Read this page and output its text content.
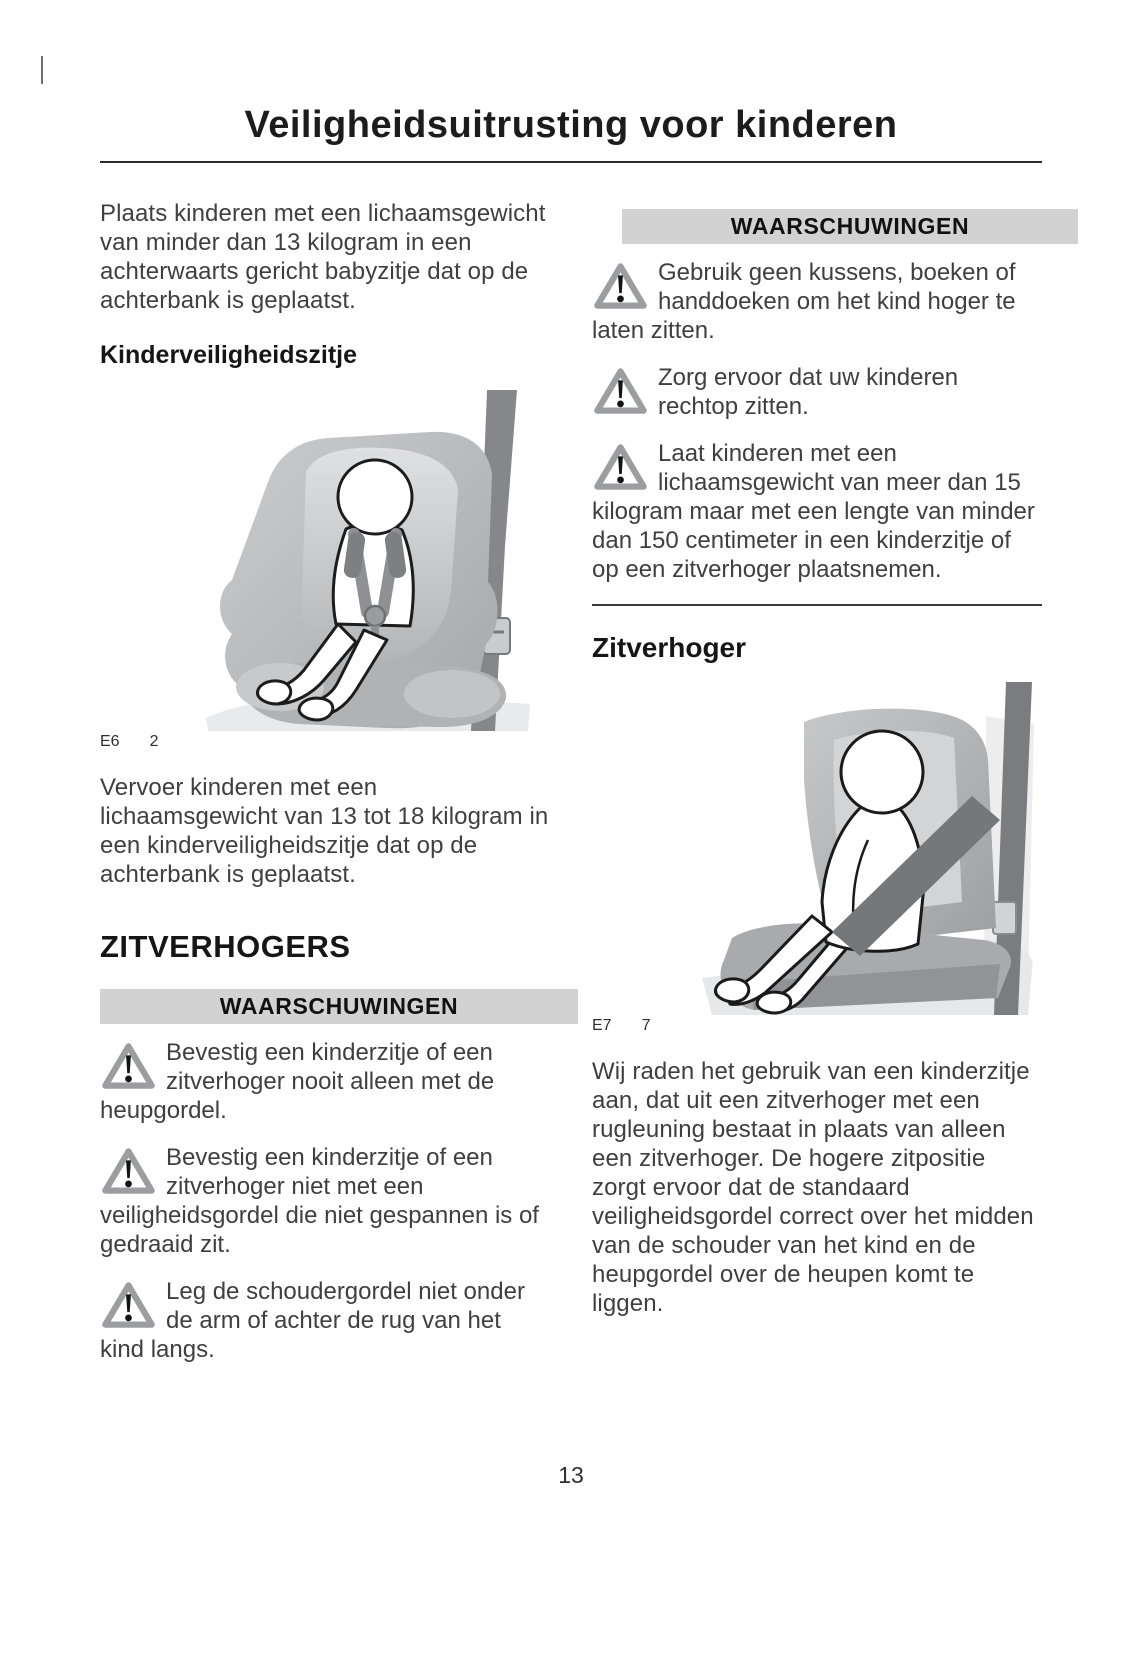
Veiligheidsuitrusting voor kinderen

Plaats kinderen met een lichaamsgewicht van minder dan 13 kilogram in een achterwaarts gericht babyzitje dat op de achterbank is geplaatst.

Kinderveiligheidszitje
E6 2

Vervoer kinderen met een lichaamsgewicht van 13 tot 18 kilogram in een kinderveiligheidszitje dat op de achterbank is geplaatst.

ZITVERHOGERS
WAARSCHUWINGEN
Bevestig een kinderzitje of een zitverhoger nooit alleen met de heupgordel.
Bevestig een kinderzitje of een zitverhoger niet met een veiligheidsgordel die niet gespannen is of gedraaid zit.
Leg de schoudergordel niet onder de arm of achter de rug van het kind langs.
WAARSCHUWINGEN
Gebruik geen kussens, boeken of handdoeken om het kind hoger te laten zitten.
Zorg ervoor dat uw kinderen rechtop zitten.
Laat kinderen met een lichaamsgewicht van meer dan 15 kilogram maar met een lengte van minder dan 150 centimeter in een kinderzitje of op een zitverhoger plaatsnemen.
Zitverhoger
E7 7

Wij raden het gebruik van een kinderzitje aan, dat uit een zitverhoger met een rugleuning bestaat in plaats van alleen een zitverhoger. De hogere zitpositie zorgt ervoor dat de standaard veiligheidsgordel correct over het midden van de schouder van het kind en de heupgordel over de heupen komt te liggen.

13
